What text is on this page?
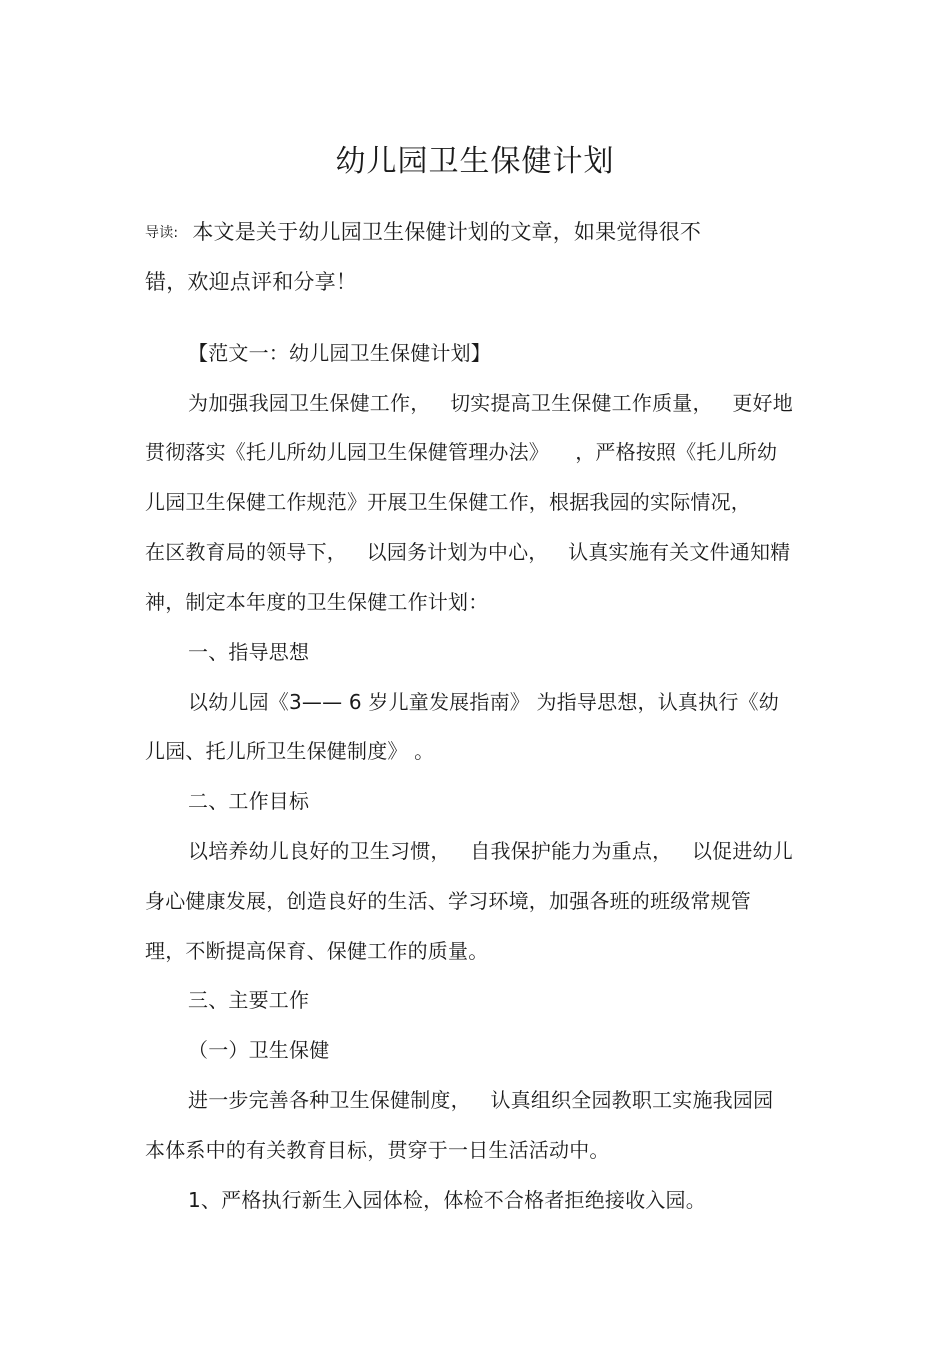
幼儿园卫生保健计划
导读: 本文是关于幼儿园卫生保健计划的文章，如果觉得很不
错，欢迎点评和分享！
【范文一：幼儿园卫生保健计划】
为加强我园卫生保健工作，   切实提高卫生保健工作质量，   更好地
贯彻落实《托儿所幼儿园卫生保健管理办法》    ，严格按照《托儿所幼
儿园卫生保健工作规范》开展卫生保健工作，根据我园的实际情况，
在区教育局的领导下，   以园务计划为中心，   认真实施有关文件通知精
神，制定本年度的卫生保健工作计划：
一、指导思想
以幼儿园《3—— 6 岁儿童发展指南》 为指导思想，认真执行《幼
儿园、托儿所卫生保健制度》 。
二、工作目标
以培养幼儿良好的卫生习惯，   自我保护能力为重点，   以促进幼儿
身心健康发展，创造良好的生活、学习环境，加强各班的班级常规管
理，不断提高保育、保健工作的质量。
三、主要工作
（一）卫生保健
进一步完善各种卫生保健制度，   认真组织全园教职工实施我园园
本体系中的有关教育目标，贯穿于一日生活活动中。
1、严格执行新生入园体检，体检不合格者拒绝接收入园。
